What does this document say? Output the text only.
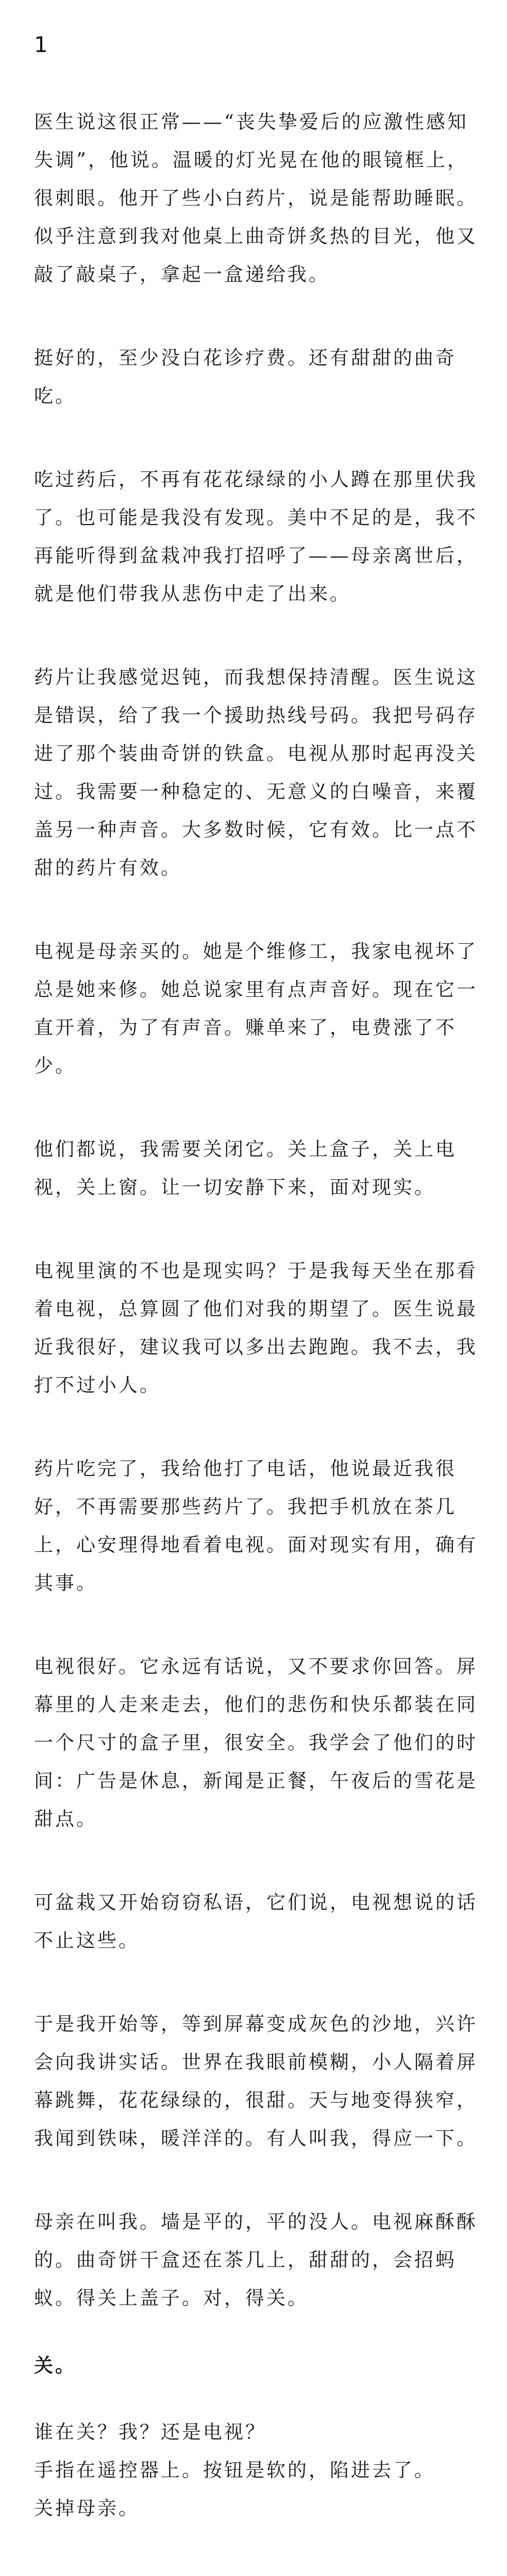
1

医生说这很正常——“丧失挚爱后的应激性感知失调”，他说。温暖的灯光晃在他的眼镜框上，很刺眼。他开了些小白药片，说是能帮助睡眠。似乎注意到我对他桌上曲奇饼炙热的目光，他又敲了敲桌子，拿起一盒递给我。

挺好的，至少没白花诊疗费。还有甜甜的曲奇吃。

吃过药后，不再有花花绿绿的小人蹲在那里伏我了。也可能是我没有发现。美中不足的是，我不再能听得到盆栽冲我打招呼了——母亲离世后，就是他们带我从悲伤中走了出来。

药片让我感觉迟钝，而我想保持清醒。医生说这是错误，给了我一个援助热线号码。我把号码存进了那个装曲奇饼的铁盒。电视从那时起再没关过。我需要一种稳定的、无意义的白噪音，来覆盖另一种声音。大多数时候，它有效。比一点不甜的药片有效。

电视是母亲买的。她是个维修工，我家电视坏了总是她来修。她总说家里有点声音好。现在它一直开着，为了有声音。赚单来了，电费涨了不少。

他们都说，我需要关闭它。关上盒子，关上电视，关上窗。让一切安静下来，面对现实。

电视里演的不也是现实吗？于是我每天坐在那看着电视，总算圆了他们对我的期望了。医生说最近我很好，建议我可以多出去跑跑。我不去，我打不过小人。

药片吃完了，我给他打了电话，他说最近我很好，不再需要那些药片了。我把手机放在茶几上，心安理得地看着电视。面对现实有用，确有其事。

电视很好。它永远有话说，又不要求你回答。屏幕里的人走来走去，他们的悲伤和快乐都装在同一个尺寸的盒子里，很安全。我学会了他们的时间：广告是休息，新闻是正餐，午夜后的雪花是甜点。

可盆栽又开始窃窃私语，它们说，电视想说的话不止这些。

于是我开始等，等到屏幕变成灰色的沙地，兴许会向我讲实话。世界在我眼前模糊，小人隔着屏幕跳舞，花花绿绿的，很甜。天与地变得狭窄，我闻到铁味，暖洋洋的。有人叫我，得应一下。

母亲在叫我。墙是平的，平的没人。电视麻酥酥的。曲奇饼干盒还在茶几上，甜甜的，会招蚂蚁。得关上盖子。对，得关。

关。

谁在关？我？还是电视？
手指在遥控器上。按钮是软的，陷进去了。
关掉母亲。
